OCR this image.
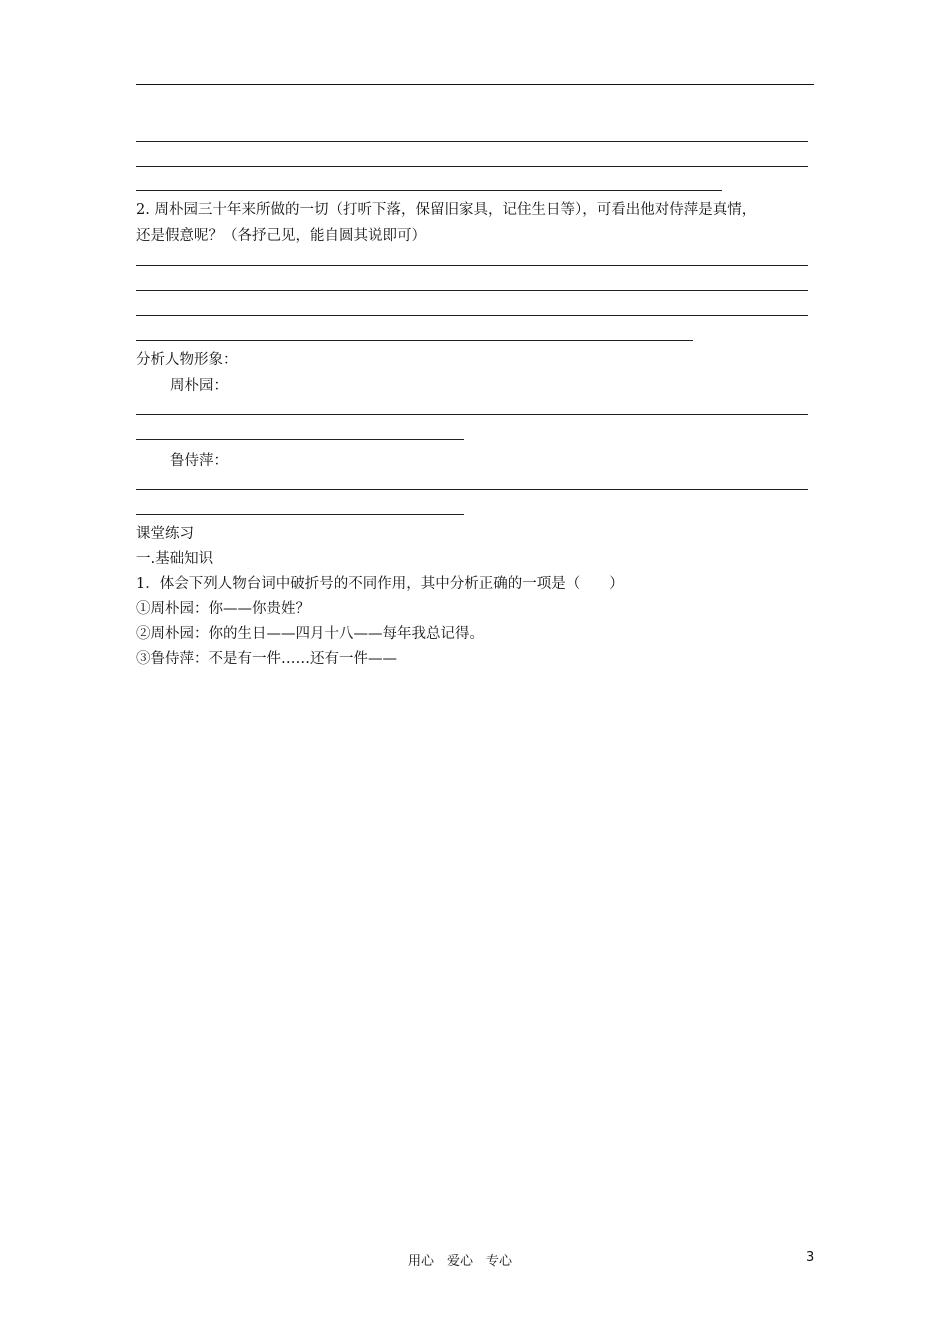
2. 周朴园三十年来所做的一切（打听下落，保留旧家具，记住生日等），可看出他对侍萍是真情，
还是假意呢？（各抒己见，能自圆其说即可）
分析人物形象：
周朴园：
鲁侍萍：
课堂练习
一.基础知识
1．体会下列人物台词中破折号的不同作用，其中分析正确的一项是（　　）
①周朴园：你——你贵姓？
②周朴园：你的生日——四月十八——每年我总记得。
③鲁侍萍：不是有一件……还有一件——
用心　爱心　专心	3
